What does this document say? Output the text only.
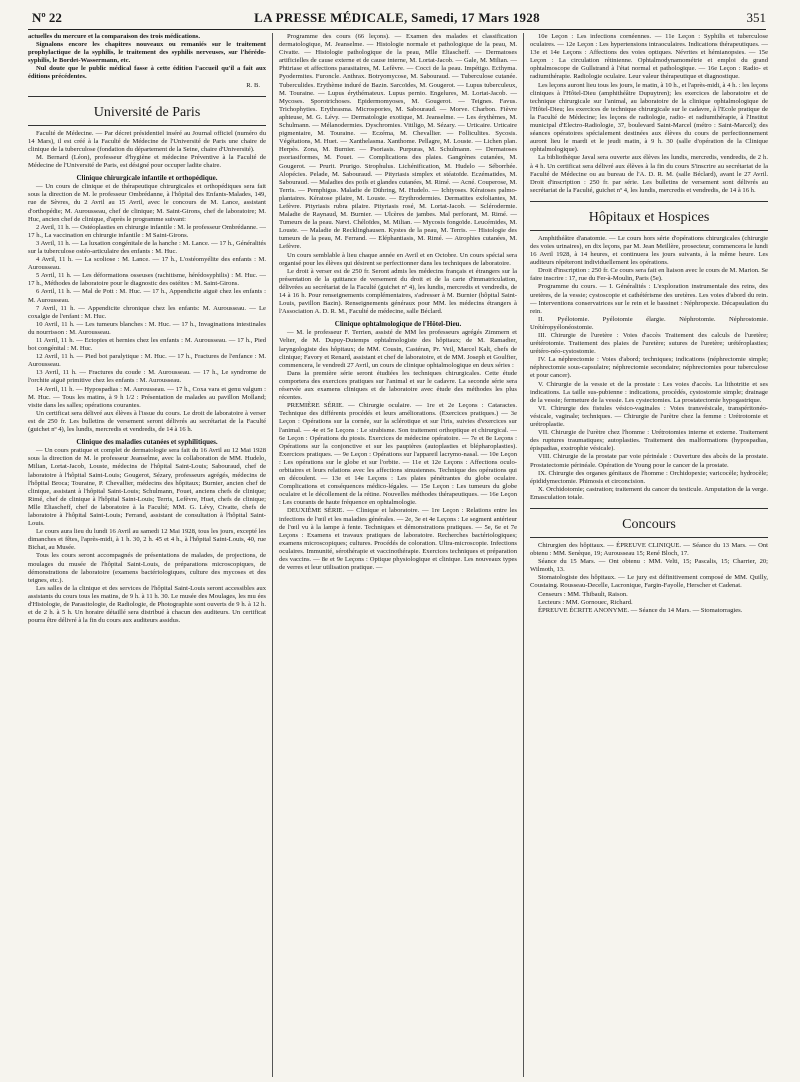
Nº 22	LA PRESSE MÉDICALE, Samedi, 17 Mars 1928	351

actuelles du mercure et la comparaison des trois médications.

Signalons encore les chapitres nouveaux ou remaniés sur le traitement prophylactique de la syphilis, le traitement des syphilis nerveuses, sur l'hérédo-syphilis, le Bordet-Wassermann, etc.

Nul doute que le public médical fasse à cette édition l'accueil qu'il a fait aux éditions précédentes.

R. B.
Université de Paris

Faculté de Médecine. — Par décret présidentiel inséré au Journal officiel (numéro du 14 Mars), il est créé à la Faculté de Médecine de l'Université de Paris une chaire de clinique de la tuberculose (fondation du département de la Seine, chaire d'Université).

M. Bernard (Léon), professeur d'hygiène et médecine Préventive à la Faculté de Médecine de l'Université de Paris, est désigné pour occuper ladite chaire.

Clinique chirurgicale infantile et orthopédique.

— Un cours de clinique et de thérapeutique chirurgicales et orthopédiques sera fait sous la direction de M. le professeur Ombrédanne, à l'hôpital des Enfants-Malades, 149, rue de Sèvres, du 2 Avril au 15 Avril, avec le concours de M. Lance, assistant d'orthopédie; M. Aurousseau, chef de clinique; M. Saint-Girons, chef de laboratoire; M. Huc, ancien chef de clinique, d'après le programme suivant:

2 Avril, 11 h. — Ostéoplasties en chirurgie infantile : M. le professeur Ombrédanne. — 17 h., La vaccination en chirurgie infantile : M Saint-Girons.

3 Avril, 11 h. — La luxation congénitale de la hanche : M. Lance. — 17 h., Généralités sur la tuberculose ostéo-articulaire des enfants : M. Huc.

4 Avril, 11 h. — La scoliose : M. Lance. — 17 h., L'ostéomyélite des enfants : M. Aurousseau.

5 Avril, 11 h. — Les déformations osseuses (rachitisme, hérédosyphilis) : M. Huc. — 17 h., Méthodes de laboratoire pour le diagnostic des ostéites : M. Saint-Girons.

6 Avril, 11 h. — Mal de Pott : M. Huc. — 17 h., Appendicite aiguë chez les enfants : M. Aurousseau.

7 Avril, 11 h. — Appendicite chronique chez les enfants: M. Aurousseau. — Le coxalgie de l'enfant : M. Huc.

10 Avril, 11 h. — Les tumeurs blanches : M. Huc. — 17 h., Invaginations intestinales du nourrisson : M. Aurousseau.

11 Avril, 11 h. — Ectopies et hernies chez les enfants : M. Aurousseau. — 17 h., Pied bot congénital : M. Huc.

12 Avril, 11 h. — Pied bot paralytique : M. Huc. — 17 h., Fractures de l'enfance : M. Aurousseau.

13 Avril, 11 h. — Fractures du coude : M. Aurousseau. — 17 h., Le syndrome de l'orchite aiguë primitive chez les enfants : M. Aurousseau.

14 Avril, 11 h. — Hypospadias : M. Aurousseau. — 17 h., Coxa vara et genu valgum : M. Huc. — Tous les matins, à 9 h 1/2 : Présentation de malades au pavillon Molland; visite dans les salles; opérations courantes.

Un certificat sera délivré aux élèves à l'issue du cours. Le droit de laboratoire à verser est de 250 fr. Les bulletins de versement seront délivrés au secrétariat de la Faculté (guichet nº 4), les lundis, mercredis et vendredis, de 14 à 16 h.

Clinique des maladies cutanées et syphilitiques.

— Un cours pratique et complet de dermatologie sera fait du 16 Avril au 12 Mai 1928 sous la direction de M. le professeur Jeanselme, avec la collaboration de MM. Hudelo, Milian, Lortat-Jacob, Louste, médecins de l'hôpital Saint-Louis; Sabouraud, chef de laboratoire à l'hôpital Saint-Louis; Gougerot, Sézary, professeurs agrégés, médecins de l'hôpital Broca; Touraine, P. Chevallier, médecins des hôpitaux; Burnier, ancien chef de clinique, assistant à l'hôpital Saint-Louis; Schulmann, Fouet, anciens chefs de clinique; Rimé, chef de clinique à l'hôpital Saint-Louis; Terris, Lefèvre, Huet, chefs de clinique; Mlle Eliascheff, chef de laboratoire à la Faculté; MM. G. Lévy, Civatte, chefs de laboratoire à l'hôpital Saint-Louis; Ferrand, assistant de consultation à l'hôpital Saint-Louis.

Le cours aura lieu du lundi 16 Avril au samedi 12 Mai 1928, tous les jours, excepté les dimanches et fêtes, l'après-midi, à 1 h. 30, 2 h. 45 et 4 h., à l'hôpital Saint-Louis, 40, rue Bichat, au Musée.

Tous les cours seront accompagnés de présentations de malades, de projections, de moulages du musée de l'hôpital Saint-Louis, de préparations microscopiques, de démonstrations de laboratoire (examens bactériologiques, culture des mycoses et des teignes, etc.).

Les salles de la clinique et des services de l'hôpital Saint-Louis seront accessibles aux assistants du cours tous les matins, de 9 h. à 11 h. 30. Le musée des Moulages, les mu ées d'Histologie, de Parasitologie, de Radiologie, de Photographie sont ouverts de 9 h. à 12 h. et de 2 h. à 5 h. Un horaire détaillé sera distribué à chacun des auditeurs. Un certificat pourra être délivré à la fin du cours aux auditeurs assidus.

Programme des cours (66 leçons). — Examen des malades et classification dermatologique, M. Jeanselme. — Histologie normale et pathologique de la peau, M. Civatte. — Histologie pathologique de la peau, Mlle Eliascheff. — Dermatoses artificielles de cause externe et de cause interne, M. Lortat-Jacob. — Gale, M. Milian. — Phtiriase et affections parasitaires, M. Lefèvre. — Cocci de la peau. Impétigo. Ecthyma. Pyodermites. Furoncle. Anthrax. Botryomycose, M. Sabouraud. — Tuberculose cutanée. Tuberculides. Erythème induré de Bazin. Sarcoïdes, M. Gougerot. — Lupus tuberculeux, M. Touraine. — Lupus érythémateux. Lupus pernio. Engelures, M. Lortat-Jacob. — Mycoses. Sporotrichoses. Epidermomyoses, M. Gougerot. — Teignes. Favus. Trichophyties. Erythrasma. Microspories, M. Sabouraud. — Morve. Charbon. Fièvre aphteuse, M. G. Lévy. — Dermatologie exotique, M. Jeanselme. — Les érythèmes, M. Schulmann. — Mélanodermies. Dyschromies. Vitiligo, M. Sézary. — Urticaire. Urticaire pigmentaire, M. Touraine. — Eczéma, M. Chevallier. — Folliculites. Sycosis. Végétations, M. Huet. — Xanthelasma. Xanthome. Pellagre, M. Louste. — Lichen plan. Herpès. Zona, M. Burnier. — Psoriasis. Purpuras, M. Schulmann. — Dermatoses psoriasiformes, M. Fouet. — Complications des plaies. Gangrènes cutanées, M. Gougerot. — Prurit. Prurigo. Strophulus. Lichénification, M. Hudelo — Séborrhée. Alopécies. Pelade, M. Sabouraud. — Pityriasis simplex et stéatoïde. Eczématides, M. Sabouraud. — Maladies des poils et glandes cutanées, M. Rimé. — Acné. Couperose, M. Terris. — Pemphigus. Maladie de Dühring, M. Hudelo. — Ichtyoses. Kératoses palmo-plantaires. Kératose pilaire, M. Louste. — Erythrodermies. Dermatites exfoliantes, M. Lefèvre. Pityriasis rubra pilaire. Pityriasis rosé, M. Lortat-Jacob. — Sclérodermie. Maladie de Raynaud, M. Burnier. — Ulcères de jambes. Mal perforant, M. Rimé. — Tumeurs de la peau. Nævi. Chéloïdes, M. Milian. — Mycosis fongoïde. Leucémides, M. Louste. — Maladie de Recklinghausen. Kystes de la peau, M. Terris. — Histologie des tumeurs de la peau, M. Ferrand. — Eléphantiasis, M. Rimé. — Atrophies cutanées, M. Lefèvre.

Un cours semblable à lieu chaque année en Avril et en Octobre. Un cours spécial sera organisé pour les élèves qui désirent se perfectionner dans les techniques de laboratoire.

Le droit à verser est de 250 fr. Seront admis les médecins français et étrangers sur la présentation de la quittance de versement du droit et de la carte d'immatriculation, délivrées au secrétariat de la Faculté (guichet nº 4), les lundis, mercredis et vendredis, de 14 à 16 h. Pour renseignements complémentaires, s'adresser à M. Burnier (hôpital Saint-Louis, pavillon Bazin). Renseignements généraux pour MM. les médecins étrangers à l'Association A. D. R. M., Faculté de médecine, salle Béclard.

Clinique ophtalmologique de l'Hôtel-Dieu.

— M. le professeur F. Terrien, assisté de MM les professeurs agrégés Zimmern et Velter, de M. Dupuy-Dutemps ophtalmologiste des hôpitaux; de M. Ramadier, laryngologiste des hôpitaux; de MM. Cousin, Castéran, Pr. Veil, Marcel Kalt, chefs de clinique; Favory et Renard, assistant et chef de laboratoire, et de MM. Joseph et Goulfier, commencera, le vendredi 27 Avril, un cours de clinique ophtalmologique en deux séries :

Dans la première série seront étudiées les techniques chirurgicales. Cette étude comportera des exercices pratiques sur l'animal et sur le cadavre. La seconde série sera réservée aux examens cliniques et de laboratoire avec étude des méthodes les plus récentes.

PREMIÈRE SÉRIE. — Chirurgie oculaire. — 1re et 2e Leçons : Cataractes. Technique des différents procédés et leurs améliorations. (Exercices pratiques.) — 3e Leçon : Opérations sur la cornée, sur la sclérotique et sur l'iris, suivies d'exercices sur l'animal. — 4e et 5e Leçons : Le strabisme. Son traitement orthoptique et chirurgical. — 6e Leçon : Opérations du ptosis. Exercices de médecine opératoire. — 7e et 8e Leçons : Opérations sur la conjonctive et sur les paupières (autoplasties et blépharoplasties). Exercices pratiques. — 9e Leçon : Opérations sur l'appareil lacrymo-nasal. — 10e Leçon : Les opérations sur le globe et sur l'orbite. — 11e et 12e Leçons : Affections oculo-orbitaires et leurs relations avec les affections sinusiennes. Technique des opérations qui en découlent. — 13e et 14e Leçons : Les plaies pénétrantes du globe oculaire. Complications et conséquences médico-légales. — 15e Leçon : Les tumeurs du globe oculaire et le décollement de la rétine. Nouvelles méthodes thérapeutiques. — 16e Leçon : Les courants de haute fréquence en ophtalmologie.

DEUXIÈME SÉRIE. — Clinique et laboratoire. — 1re Leçon : Relations entre les infections de l'œil et les maladies générales. — 2e, 3e et 4e Leçons : Le segment antérieur de l'œil vu à la lampe à fente. Techniques et démonstrations pratiques. — 5e, 6e et 7e Leçons : Examens et travaux pratiques de laboratoire. Recherches bactériologiques; examens microscopiques; cultures. Procédés de coloration. Ultra-microscopie. Infections oculaires. Immunité, sérothérapie et vaccinothérapie. Exercices techniques et préparation des vaccins. — 8e et 9e Leçons : Optique physiologique et clinique. Les nouveaux types de verres et leur utilisation pratique. —

10e Leçon : Les infections cornéennes. — 11e Leçon : Syphilis et tuberculose oculaires. — 12e Leçon : Les hypertensions intraoculaires. Indications thérapeutiques. — 13e et 14e Leçons : Affections des voies optiques. Névrites et hémianopsies. — 15e Leçon : La circulation rétinienne. Ophtalmodynamométrie et emploi du grand ophtalmoscope de Gullstrand à l'état normal et pathologique. — 16e Leçon : Radio- et radiumthérapie. Radiologie oculaire. Leur valeur thérapeutique et diagnostique.

Les leçons auront lieu tous les jours, le matin, à 10 h., et l'après-midi, à 4 h. : les leçons cliniques à l'Hôtel-Dieu (amphithéâtre Dupuytren); les exercices de laboratoire et de technique chirurgicale sur l'animal, au laboratoire de la clinique ophtalmologique de l'Hôtel-Dieu; les exercices de technique chirurgicale sur le cadavre, à l'Ecole pratique de la Faculté de Médecine; les leçons de radiologie, radio- et radiumthérapie, à l'Institut municipal d'Electro-Radiologie, 37, boulevard Saint-Marcel (métro : Saint-Marcel); des séances opératoires spécialement destinées aux élèves du cours de perfectionnement auront lieu le mardi et le jeudi matin, à 9 h. 30 (salle d'opération de la Clinique ophtalmologique).

La bibliothèque Javal sera ouverte aux élèves les lundis, mercredis, vendredis, de 2 h. à 4 h. Un certificat sera délivré aux élèves à la fin du cours S'inscrire au secrétariat de la Faculté de Médecine ou au bureau de l'A. D. R. M. (salle Béclard), avant le 27 Avril. Droit d'inscription : 250 fr. par série. Les bulletins de versement sont délivrés au secrétariat de la Faculté, guichet nº 4, les lundis, mercredis et vendredis, de 14 à 16 h.

Hôpitaux et Hospices

Amphithéâtre d'anatomie. — Le cours hors série d'opérations chirurgicales (chirurgie des voies urinaires), en dix leçons, par M. Jean Meillère, prosecteur, commencera le lundi 16 Avril 1928, à 14 heures, et continuera les jours suivants, à la même heure. Les auditeurs répéteront individuellement les opérations.

Droit d'inscription : 250 fr. Ce cours sera fait en liaison avec le cours de M. Marion. Se faire inscrire : 17, rue du Fer-à-Moulin, Paris (5e).

Programme du cours. — I. Généralités : L'exploration instrumentale des reins, des uretères, de la vessie; cystoscopie et cathétérisme des uretères. Les voies d'abord du rein. — Interventions conservatrices sur le rein et le bassinet : Néphropexie. Décapsulation du rein.

II. Pyélotomie. Pyélotomie élargie. Néphrotomie. Néphrostomie. Urétéropyélonéostomie.

III. Chirurgie de l'uretère : Voies d'accès Traitement des calculs de l'uretère; urétérotomie. Traitement des plaies de l'uretère; sutures de l'uretère; urétéroplasties; urétéro-néo-cystostomie.

IV. La néphrectomie : Voies d'abord; techniques; indications (néphrectomie simple; néphrectomie sous-capsulaire; néphrectomie secondaire; néphrectomies pour tuberculose et pour cancer).

V. Chirurgie de la vessie et de la prostate : Les voies d'accès. La lithotritie et ses indications. La taille sus-pubienne : indications, procédés, cystostomie simple; drainage de la vessie; fermeture de la vessie. Les cystectomies. La prostatectomie hypogastrique.

VI. Chirurgie des fistules vésico-vaginales : Voies transvésicale, transpéritonéo-vésicale, vaginale; techniques. — Chirurgie de l'urètre chez la femme : Urétrotomie et urétroplastie.

VII. Chirurgie de l'urètre chez l'homme : Urétrotomies interne et externe. Traitement des ruptures traumatiques; autoplasties. Traitement des malformations (hypospadias, épispadias, exstrophie vésicale).

VIII. Chirurgie de la prostate par voie périnéale : Ouverture des abcès de la prostate. Prostatectomie périnéale. Opération de Young pour le cancer de la prostate.

IX. Chirurgie des organes génitaux de l'homme : Orchidopexie; varicocèle; hydrocèle; épididymectomie. Phimosis et circoncision.

X. Orchidotomie; castration; traitement du cancer du testicule. Amputation de la verge. Emasculation totale.

Concours

Chirurgien des hôpitaux. — ÉPREUVE CLINIQUE. — Séance du 13 Mars. — Ont obtenu : MM. Senèque, 19; Aurousseau 15; René Bloch, 17.

Séance du 15 Mars. — Ont obtenu : MM. Velti, 15; Pascalis, 15; Charrier, 20; Wilmoth, 13.

Stomatologiste des hôpitaux. — Le jury est définitivement composé de MM. Quilly, Coustaing. Rousseau-Decelle, Lacronique, Fargin-Fayolle, Herscher et Cadenat.

Censeurs : MM. Thibault, Raison.

Lecteurs : MM. Gornouec, Richard.

ÉPREUVE ÉCRITE ANONYME. — Séance du 14 Mars. — Stomatorragies.
